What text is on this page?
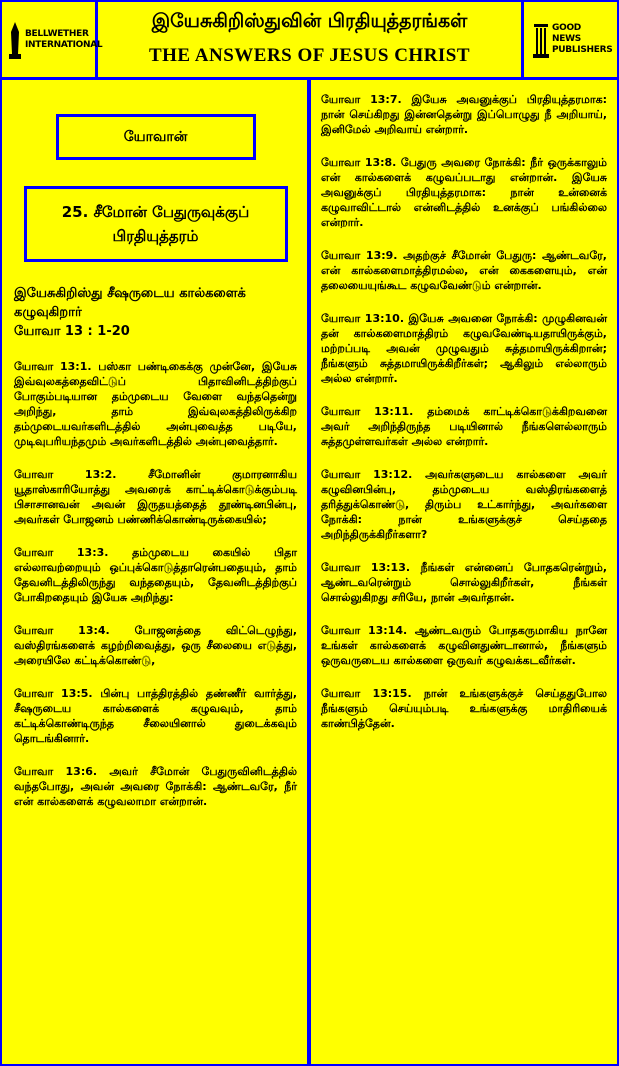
BELLWETHER INTERNATIONAL
இயேசுகிறிஸ்துவின் பிரதியுத்தரங்கள்
THE ANSWERS OF JESUS CHRIST
GOOD NEWS PUBLISHERS
யோவான்
25. சீமோன் பேதுருவுக்குப் பிரதியுத்தரம்
இயேசுகிறிஸ்து சீஷருடைய கால்களைக் கழுவுகிறார்
யோவா 13 : 1-20
யோவா 13:1. பஸ்கா பண்டிகைக்கு முன்னே, இயேசு இவ்வுலகத்தைவிட்டுப் பிதாவினிடத்திற்குப் போகும்படியான தம்முடைய வேளை வந்ததென்று அறிந்து, தாம் இவ்வுலகத்திலிருக்கிற தம்முடையவர்களிடத்தில் அன்புவைத்த படியே, முடிவுபரியந்தமும் அவர்களிடத்தில் அன்புவைத்தார்.
யோவா 13:2. சீமோனின் குமாரனாகிய யூதாஸ்காரியோத்து அவரைக் காட்டிக்கொடுக்கும்படி பிசாசானவன் அவன் இருதயத்தைத் தூண்டினபின்பு, அவர்கள் போஜனம் பண்ணிக்கொண்டிருக்கையில்;
யோவா 13:3. தம்முடைய கையில் பிதா எல்லாவற்றையும் ஒப்புக்கொடுத்தாரென்பதையும், தாம் தேவனிடத்திலிருந்து வந்ததையும், தேவனிடத்திற்குப் போகிறதையும் இயேசு அறிந்து:
யோவா 13:4. போஜனத்தை விட்டெழுந்து, வஸ்திரங்களைக் கழற்றிவைத்து, ஒரு சீலையை எடுத்து, அரையிலே கட்டிக்கொண்டு,
யோவா 13:5. பின்பு பாத்திரத்தில் தண்ணீர் வார்த்து, சீஷருடைய கால்களைக் கழுவவும், தாம் கட்டிக்கொண்டிருந்த சீலையினால் துடைக்கவும் தொடங்கினார்.
யோவா 13:6. அவர் சீமோன் பேதுருவினிடத்தில் வந்தபோது, அவன் அவரை நோக்கி: ஆண்டவரே, நீர் என் கால்களைக் கழுவலாமா என்றான்.
யோவா 13:7. இயேசு அவனுக்குப் பிரதியுத்தரமாக: நான் செய்கிறது இன்னதென்று இப்பொழுது நீ அறியாய், இனிமேல் அறிவாய் என்றார்.
யோவா 13:8. பேதுரு அவரை நோக்கி: நீர் ஒருக்காலும் என் கால்களைக் கழுவப்படாது என்றான். இயேசு அவனுக்குப் பிரதியுத்தரமாக: நான் உன்னைக் கழுவாவிட்டால் என்னிடத்தில் உனக்குப் பங்கில்லை என்றார்.
யோவா 13:9. அதற்குச் சீமோன் பேதுரு: ஆண்டவரே, என் கால்களைமாத்திரமல்ல, என் கைகளையும், என் தலையையுங்கூட கழுவவேண்டும் என்றான்.
யோவா 13:10. இயேசு அவனை நோக்கி: முழுகினவன் தன் கால்களைமாத்திரம் கழுவவேண்டியதாயிருக்கும், மற்றப்படி அவன் முழுவதும் சுத்தமாயிருக்கிறான்; நீங்களும் சுத்தமாயிருக்கிறீர்கள்; ஆகிலும் எல்லாரும் அல்ல என்றார்.
யோவா 13:11. தம்மைக் காட்டிக்கொடுக்கிறவனை அவர் அறிந்திருந்த படியினால் நீங்களெல்லாரும் சுத்தமுள்ளவர்கள் அல்ல என்றார்.
யோவா 13:12. அவர்களுடைய கால்களை அவர் கழுவினபின்பு, தம்முடைய வஸ்திரங்களைத் தரித்துக்கொண்டு, திரும்ப உட்கார்ந்து, அவர்களை நோக்கி: நான் உங்களுக்குச் செய்ததை அறிந்திருக்கிறீர்களா?
யோவா 13:13. நீங்கள் என்னைப் போதகரென்றும், ஆண்டவரென்றும் சொல்லுகிறீர்கள், நீங்கள் சொல்லுகிறது சரியே, நான் அவர்தான்.
யோவா 13:14. ஆண்டவரும் போதகருமாகிய நானே உங்கள் கால்களைக் கழுவினதுண்டானால், நீங்களும் ஒருவருடைய கால்களை ஒருவர் கழுவக்கடவீர்கள்.
யோவா 13:15. நான் உங்களுக்குச் செய்ததுபோல நீங்களும் செய்யும்படி உங்களுக்கு மாதிரியைக் காண்பித்தேன்.
